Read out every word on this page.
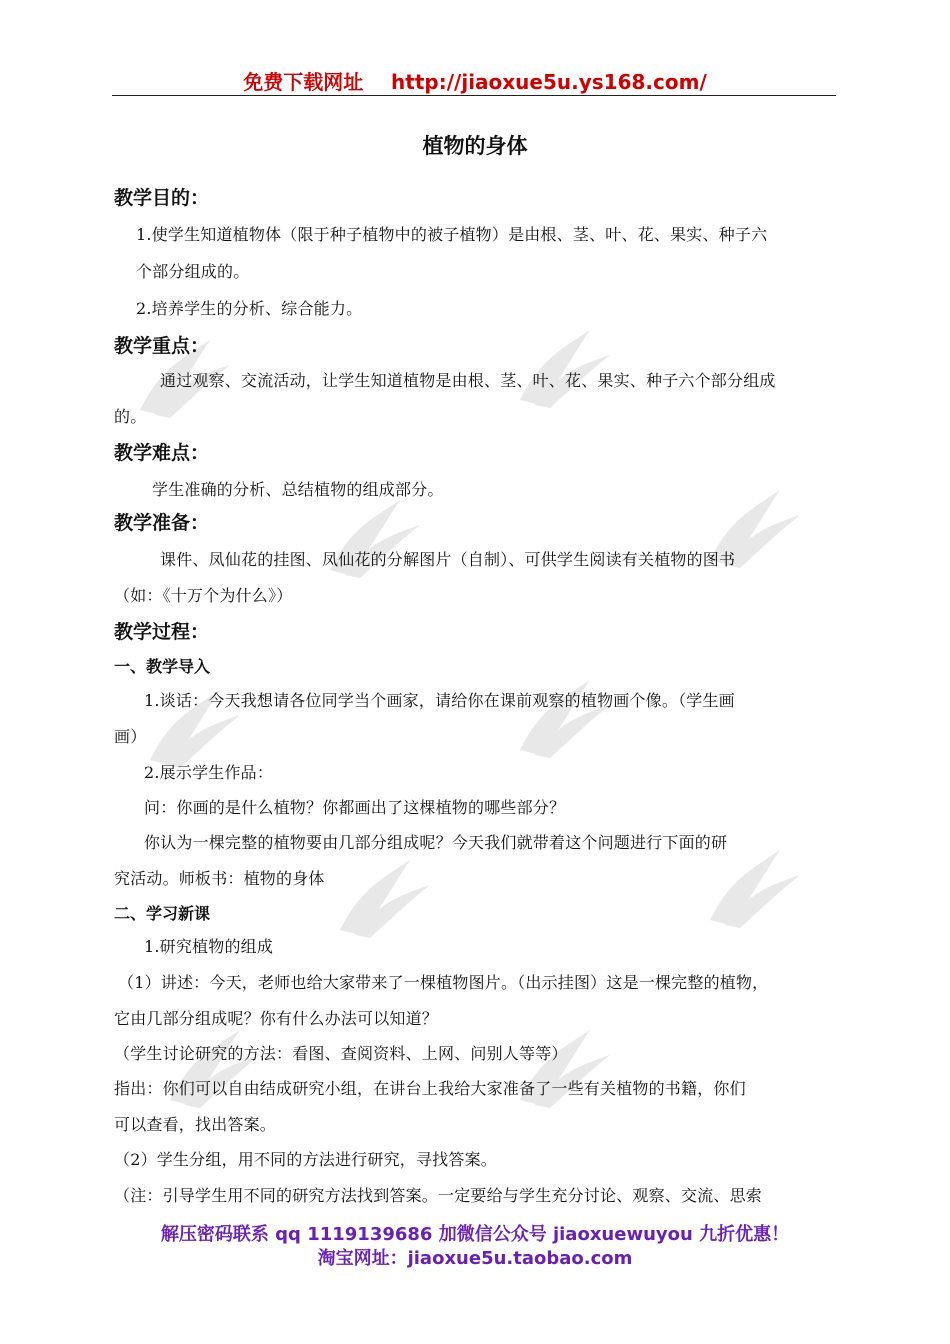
免费下载网址    http://jiaoxue5u.ys168.com/
植物的身体
教学目的：
1.使学生知道植物体（限于种子植物中的被子植物）是由根、茎、叶、花、果实、种子六
个部分组成的。
2.培养学生的分析、综合能力。
教学重点：
通过观察、交流活动，让学生知道植物是由根、茎、叶、花、果实、种子六个部分组成
的。
教学难点：
学生准确的分析、总结植物的组成部分。
教学准备：
课件、凤仙花的挂图、凤仙花的分解图片（自制）、可供学生阅读有关植物的图书
（如：《十万个为什么》）
教学过程：
一、教学导入
1.谈话：今天我想请各位同学当个画家，请给你在课前观察的植物画个像。（学生画
画）
2.展示学生作品：
问：你画的是什么植物？你都画出了这棵植物的哪些部分？
你认为一棵完整的植物要由几部分组成呢？今天我们就带着这个问题进行下面的研
究活动。师板书：植物的身体
二、学习新课
1.研究植物的组成
（1）讲述：今天，老师也给大家带来了一棵植物图片。（出示挂图）这是一棵完整的植物，
它由几部分组成呢？你有什么办法可以知道？
（学生讨论研究的方法：看图、查阅资料、上网、问别人等等）
指出：你们可以自由结成研究小组，在讲台上我给大家准备了一些有关植物的书籍，你们
可以查看，找出答案。
（2）学生分组，用不同的方法进行研究，寻找答案。
（注：引导学生用不同的研究方法找到答案。一定要给与学生充分讨论、观察、交流、思索
解压密码联系 qq 1119139686 加微信公众号 jiaoxuewuyou 九折优惠！
淘宝网址：jiaoxue5u.taobao.com
